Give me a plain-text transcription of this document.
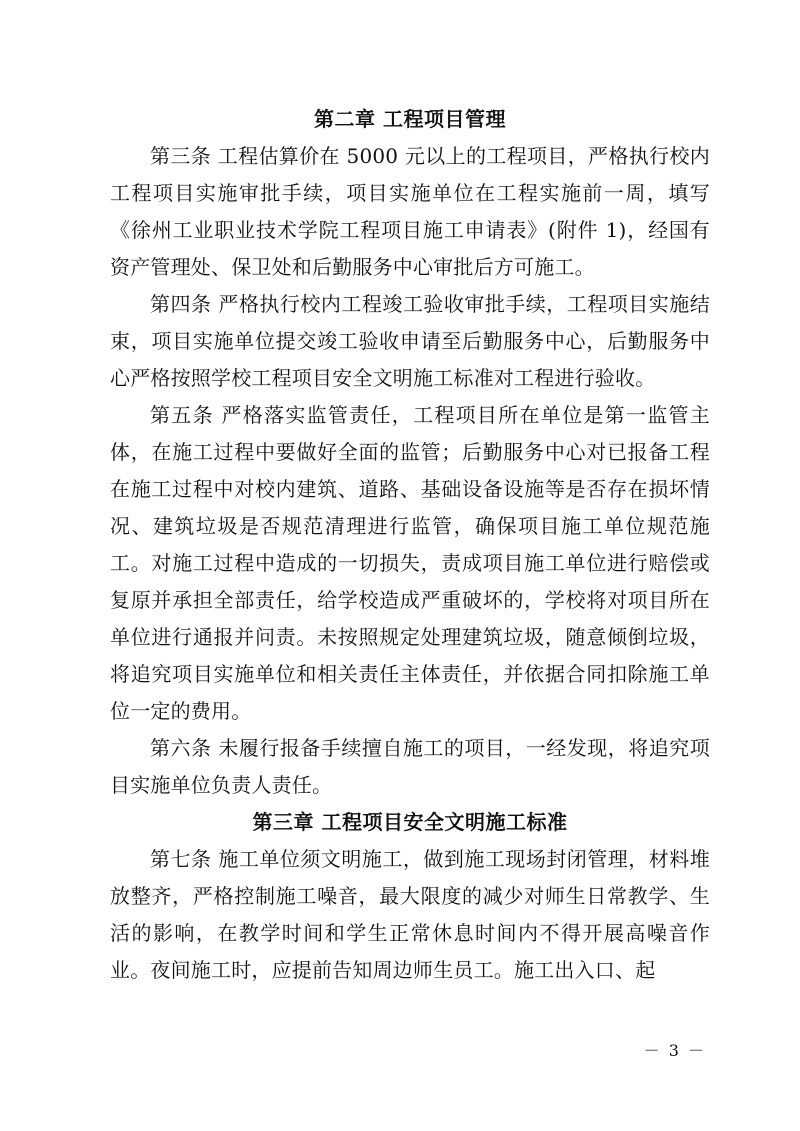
第二章 工程项目管理

第三条 工程估算价在 5000 元以上的工程项目，严格执行校内工程项目实施审批手续，项目实施单位在工程实施前一周，填写《徐州工业职业技术学院工程项目施工申请表》(附件 1)，经国有资产管理处、保卫处和后勤服务中心审批后方可施工。

第四条 严格执行校内工程竣工验收审批手续，工程项目实施结束，项目实施单位提交竣工验收申请至后勤服务中心，后勤服务中心严格按照学校工程项目安全文明施工标准对工程进行验收。

第五条 严格落实监管责任，工程项目所在单位是第一监管主体，在施工过程中要做好全面的监管；后勤服务中心对已报备工程在施工过程中对校内建筑、道路、基础设备设施等是否存在损坏情况、建筑垃圾是否规范清理进行监管，确保项目施工单位规范施工。对施工过程中造成的一切损失，责成项目施工单位进行赔偿或复原并承担全部责任，给学校造成严重破坏的，学校将对项目所在单位进行通报并问责。未按照规定处理建筑垃圾，随意倾倒垃圾，将追究项目实施单位和相关责任主体责任，并依据合同扣除施工单位一定的费用。

第六条 未履行报备手续擅自施工的项目，一经发现，将追究项目实施单位负责人责任。

第三章 工程项目安全文明施工标准

第七条 施工单位须文明施工，做到施工现场封闭管理，材料堆放整齐，严格控制施工噪音，最大限度的减少对师生日常教学、生活的影响，在教学时间和学生正常休息时间内不得开展高噪音作业。夜间施工时，应提前告知周边师生员工。施工出入口、起

－ 3 －
